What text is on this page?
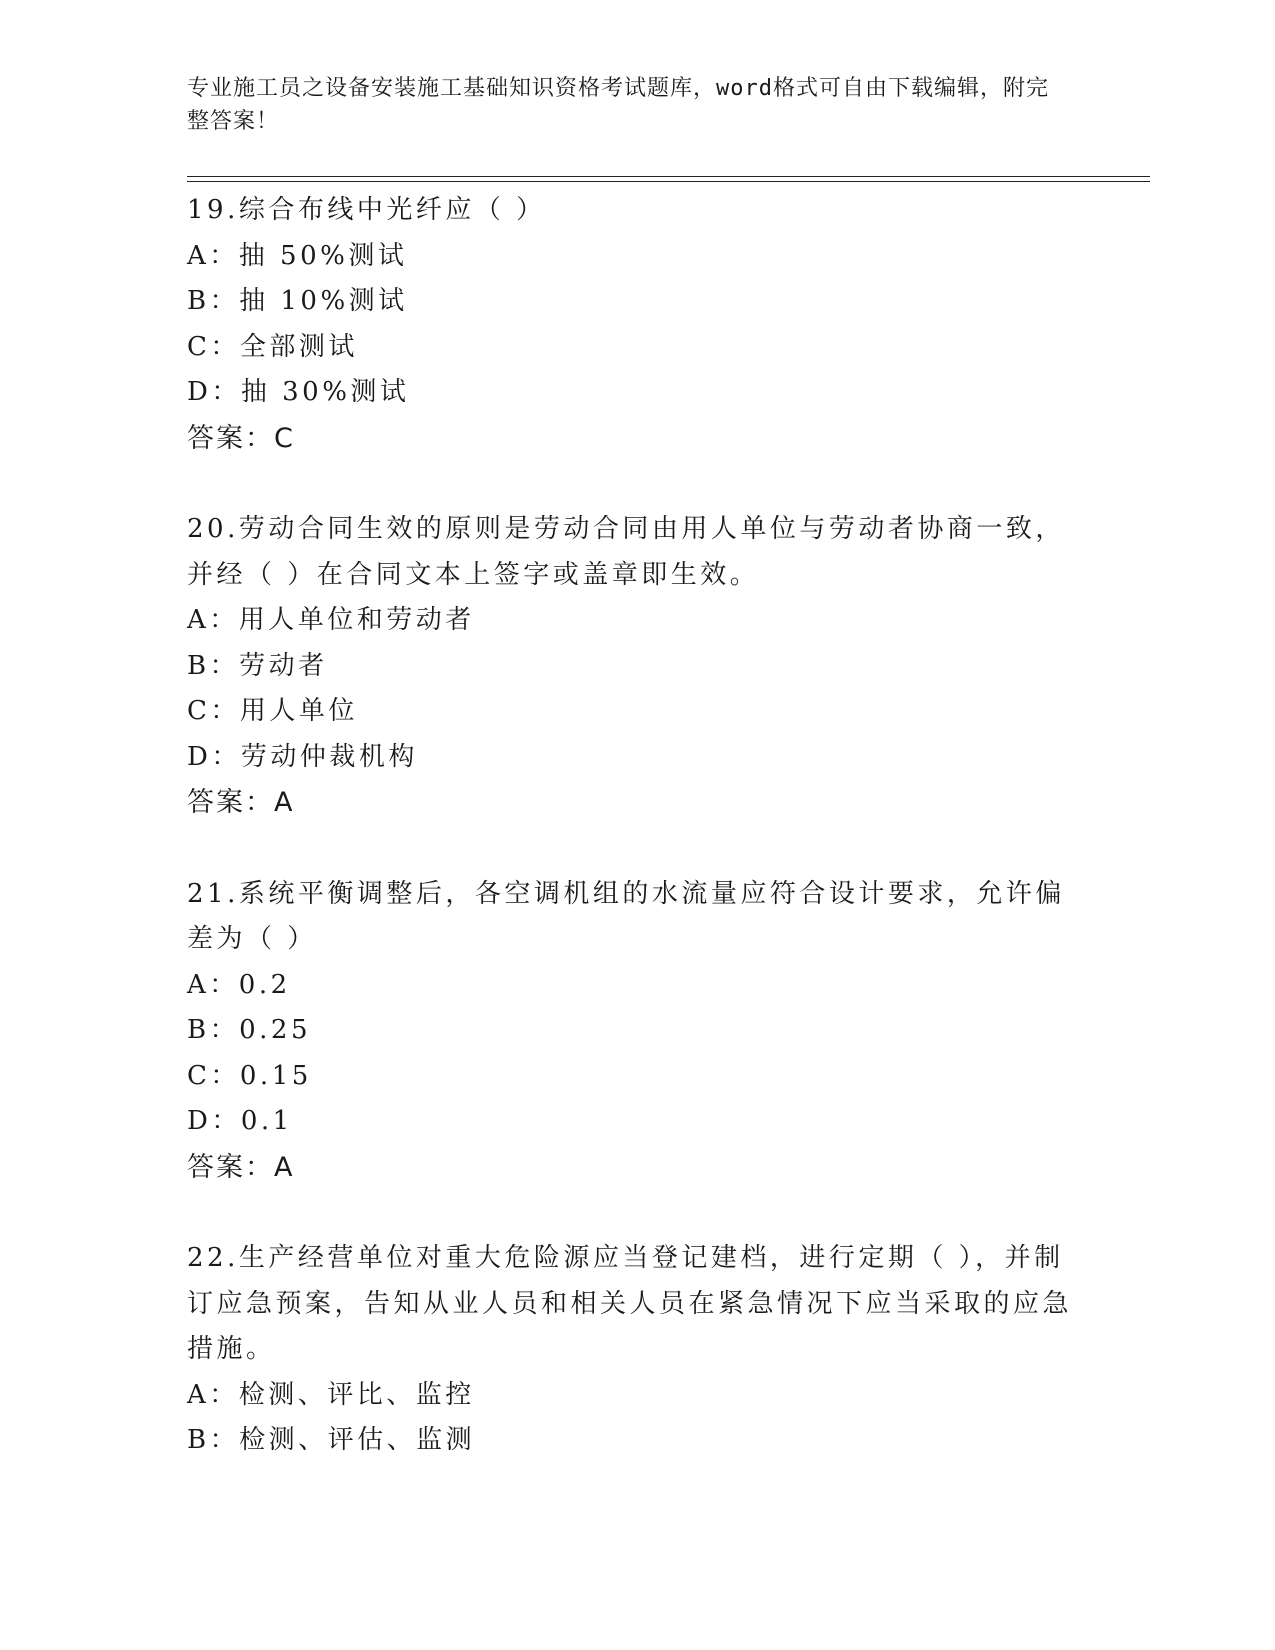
专业施工员之设备安装施工基础知识资格考试题库，word格式可自由下载编辑，附完整答案！
19.综合布线中光纤应（ ）
A：抽 50%测试
B：抽 10%测试
C：全部测试
D：抽 30%测试
答案：C
20.劳动合同生效的原则是劳动合同由用人单位与劳动者协商一致，并经（ ）在合同文本上签字或盖章即生效。
A：用人单位和劳动者
B：劳动者
C：用人单位
D：劳动仲裁机构
答案：A
21.系统平衡调整后，各空调机组的水流量应符合设计要求，允许偏差为（ ）
A：0.2
B：0.25
C：0.15
D：0.1
答案：A
22.生产经营单位对重大危险源应当登记建档，进行定期（ ），并制订应急预案，告知从业人员和相关人员在紧急情况下应当采取的应急措施。
A：检测、评比、监控
B：检测、评估、监测
